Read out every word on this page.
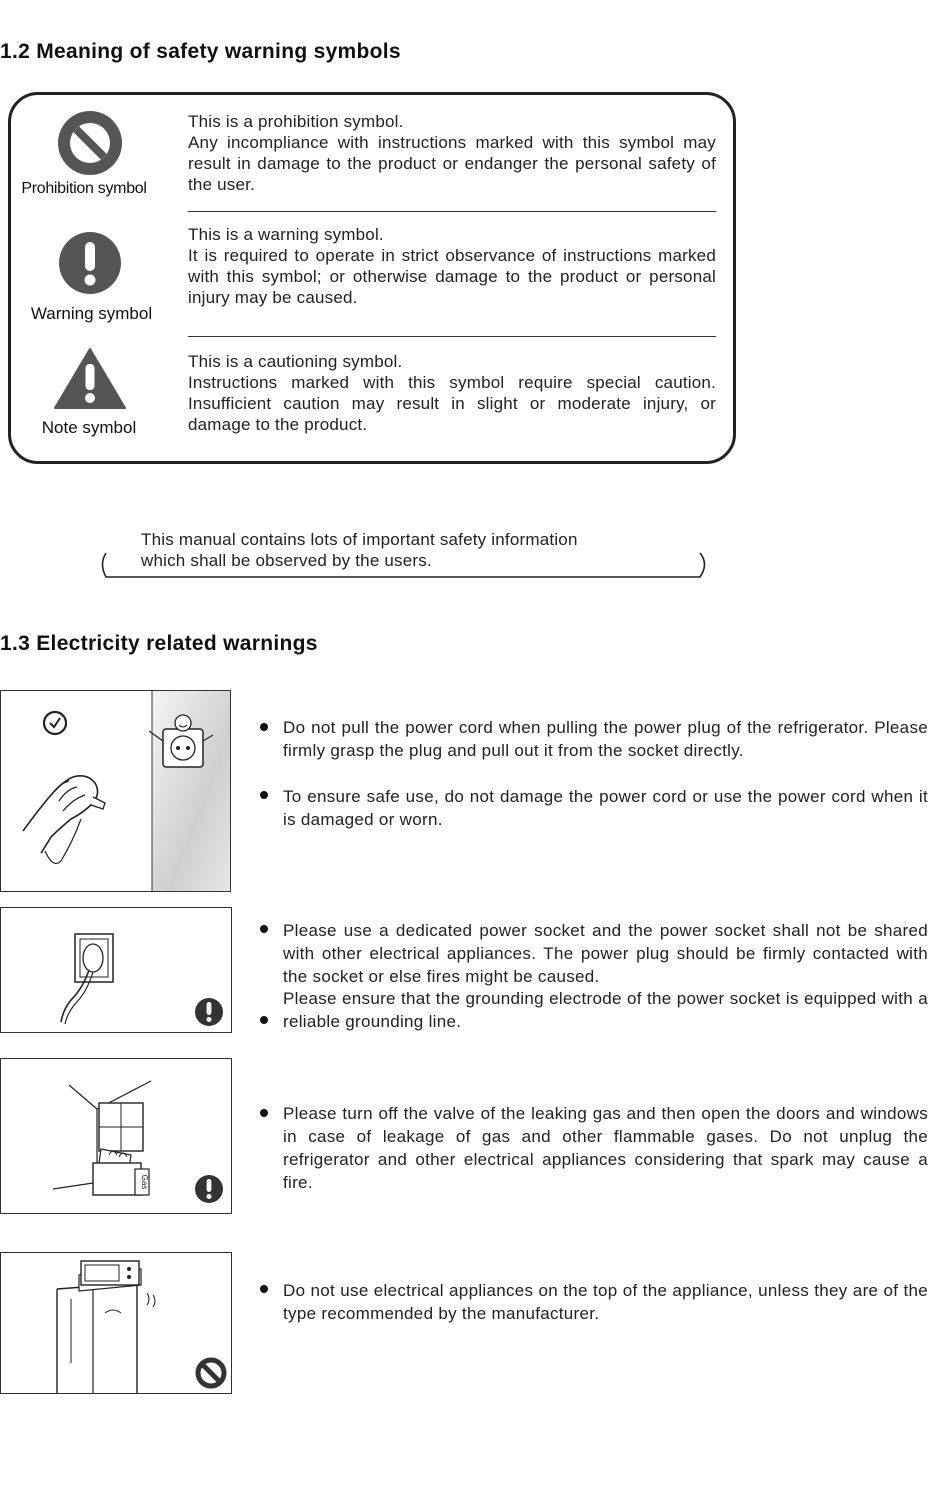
1.2 Meaning of safety warning symbols
Prohibition symbol
This is a prohibition symbol.
Any incompliance with instructions marked with this symbol may result in damage to the product or endanger the personal safety of the user.
Warning symbol
This is a warning symbol.
It is required to operate in strict observance of instructions marked with this symbol; or otherwise damage to the product or personal injury may be caused.
Note symbol
This is a cautioning symbol.
Instructions marked with this symbol require special caution. Insufficient caution may result in slight or moderate injury, or damage to the product.
This manual contains lots of important safety information
which shall be observed by the users.
1.3 Electricity related warnings
Do not pull the power cord when pulling the power plug of the refrigerator. Please firmly grasp the plug and pull out it from the socket directly.
To ensure safe use, do not damage the power cord or use the power cord when it is damaged or worn.
Please use a dedicated power socket and the power socket shall not be shared with other electrical appliances. The power plug should be firmly contacted with the socket or else fires might be caused.
Please ensure that the grounding electrode of the power socket is equipped with a reliable grounding line.
Gas
Please turn off the valve of the leaking gas and then open the doors and windows in case of leakage of gas and other flammable gases. Do not unplug the refrigerator and other electrical appliances considering that spark may cause a fire.
Do not use electrical appliances on the top of the appliance, unless they are of the type recommended by the manufacturer.
